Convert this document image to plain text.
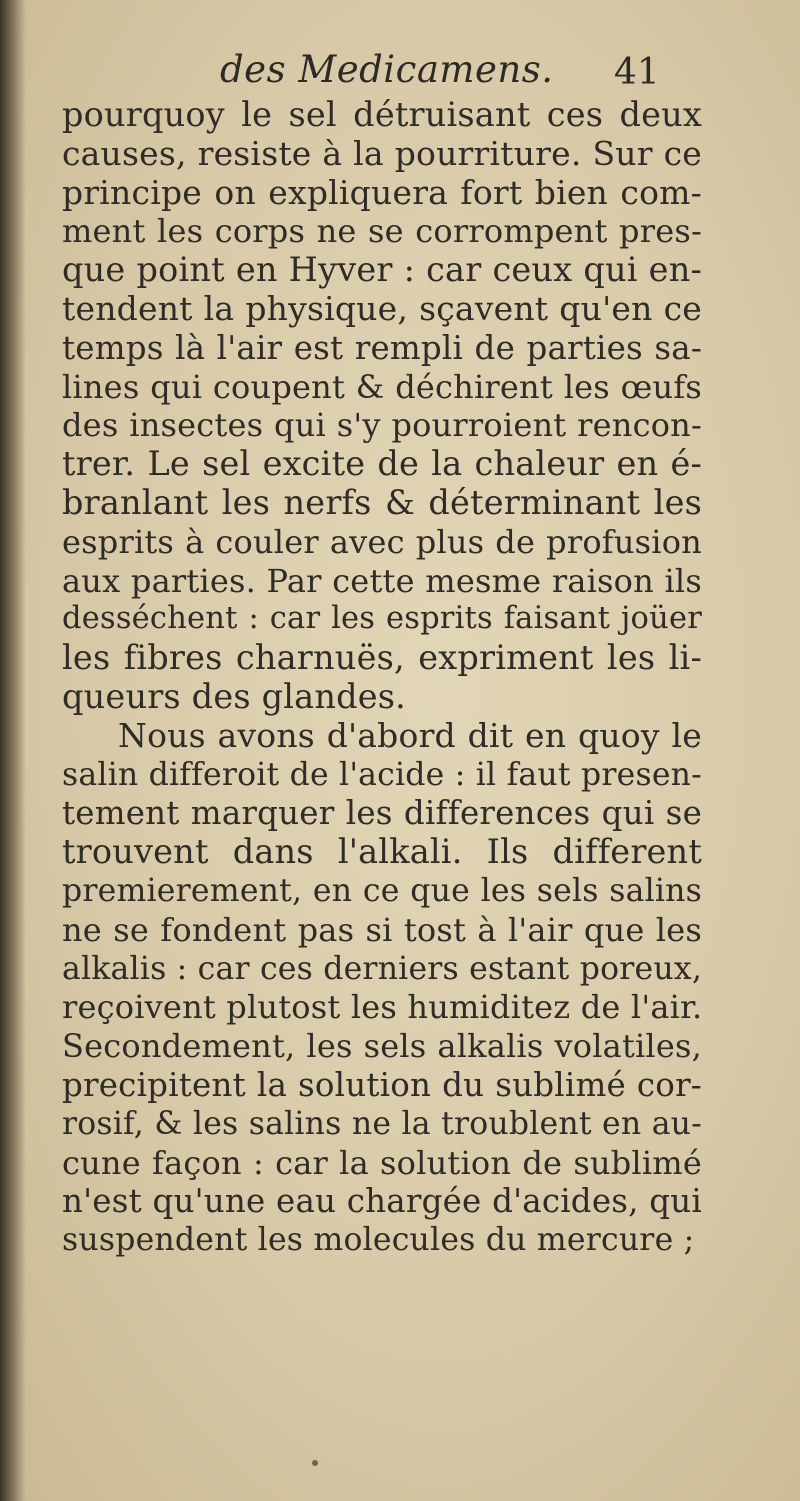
des Medicamens. 41
pourquoy le sel détruisant ces deux
causes, resiste à la pourriture. Sur ce
principe on expliquera fort bien com-
ment les corps ne se corrompent pres-
que point en Hyver : car ceux qui en-
tendent la physique, sçavent qu'en ce
temps là l'air est rempli de parties sa-
lines qui coupent & déchirent les œufs
des insectes qui s'y pourroient rencon-
trer. Le sel excite de la chaleur en é-
branlant les nerfs & déterminant les
esprits à couler avec plus de profusion
aux parties. Par cette mesme raison ils
desséchent : car les esprits faisant joüer
les fibres charnuës, expriment les li-
queurs des glandes.
Nous avons d'abord dit en quoy le
salin differoit de l'acide : il faut presen-
tement marquer les differences qui se
trouvent dans l'alkali. Ils different
premierement, en ce que les sels salins
ne se fondent pas si tost à l'air que les
alkalis : car ces derniers estant poreux,
reçoivent plutost les humiditez de l'air.
Secondement, les sels alkalis volatiles,
precipitent la solution du sublimé cor-
rosif, & les salins ne la troublent en au-
cune façon : car la solution de sublimé
n'est qu'une eau chargée d'acides, qui
suspendent les molecules du mercure ;
